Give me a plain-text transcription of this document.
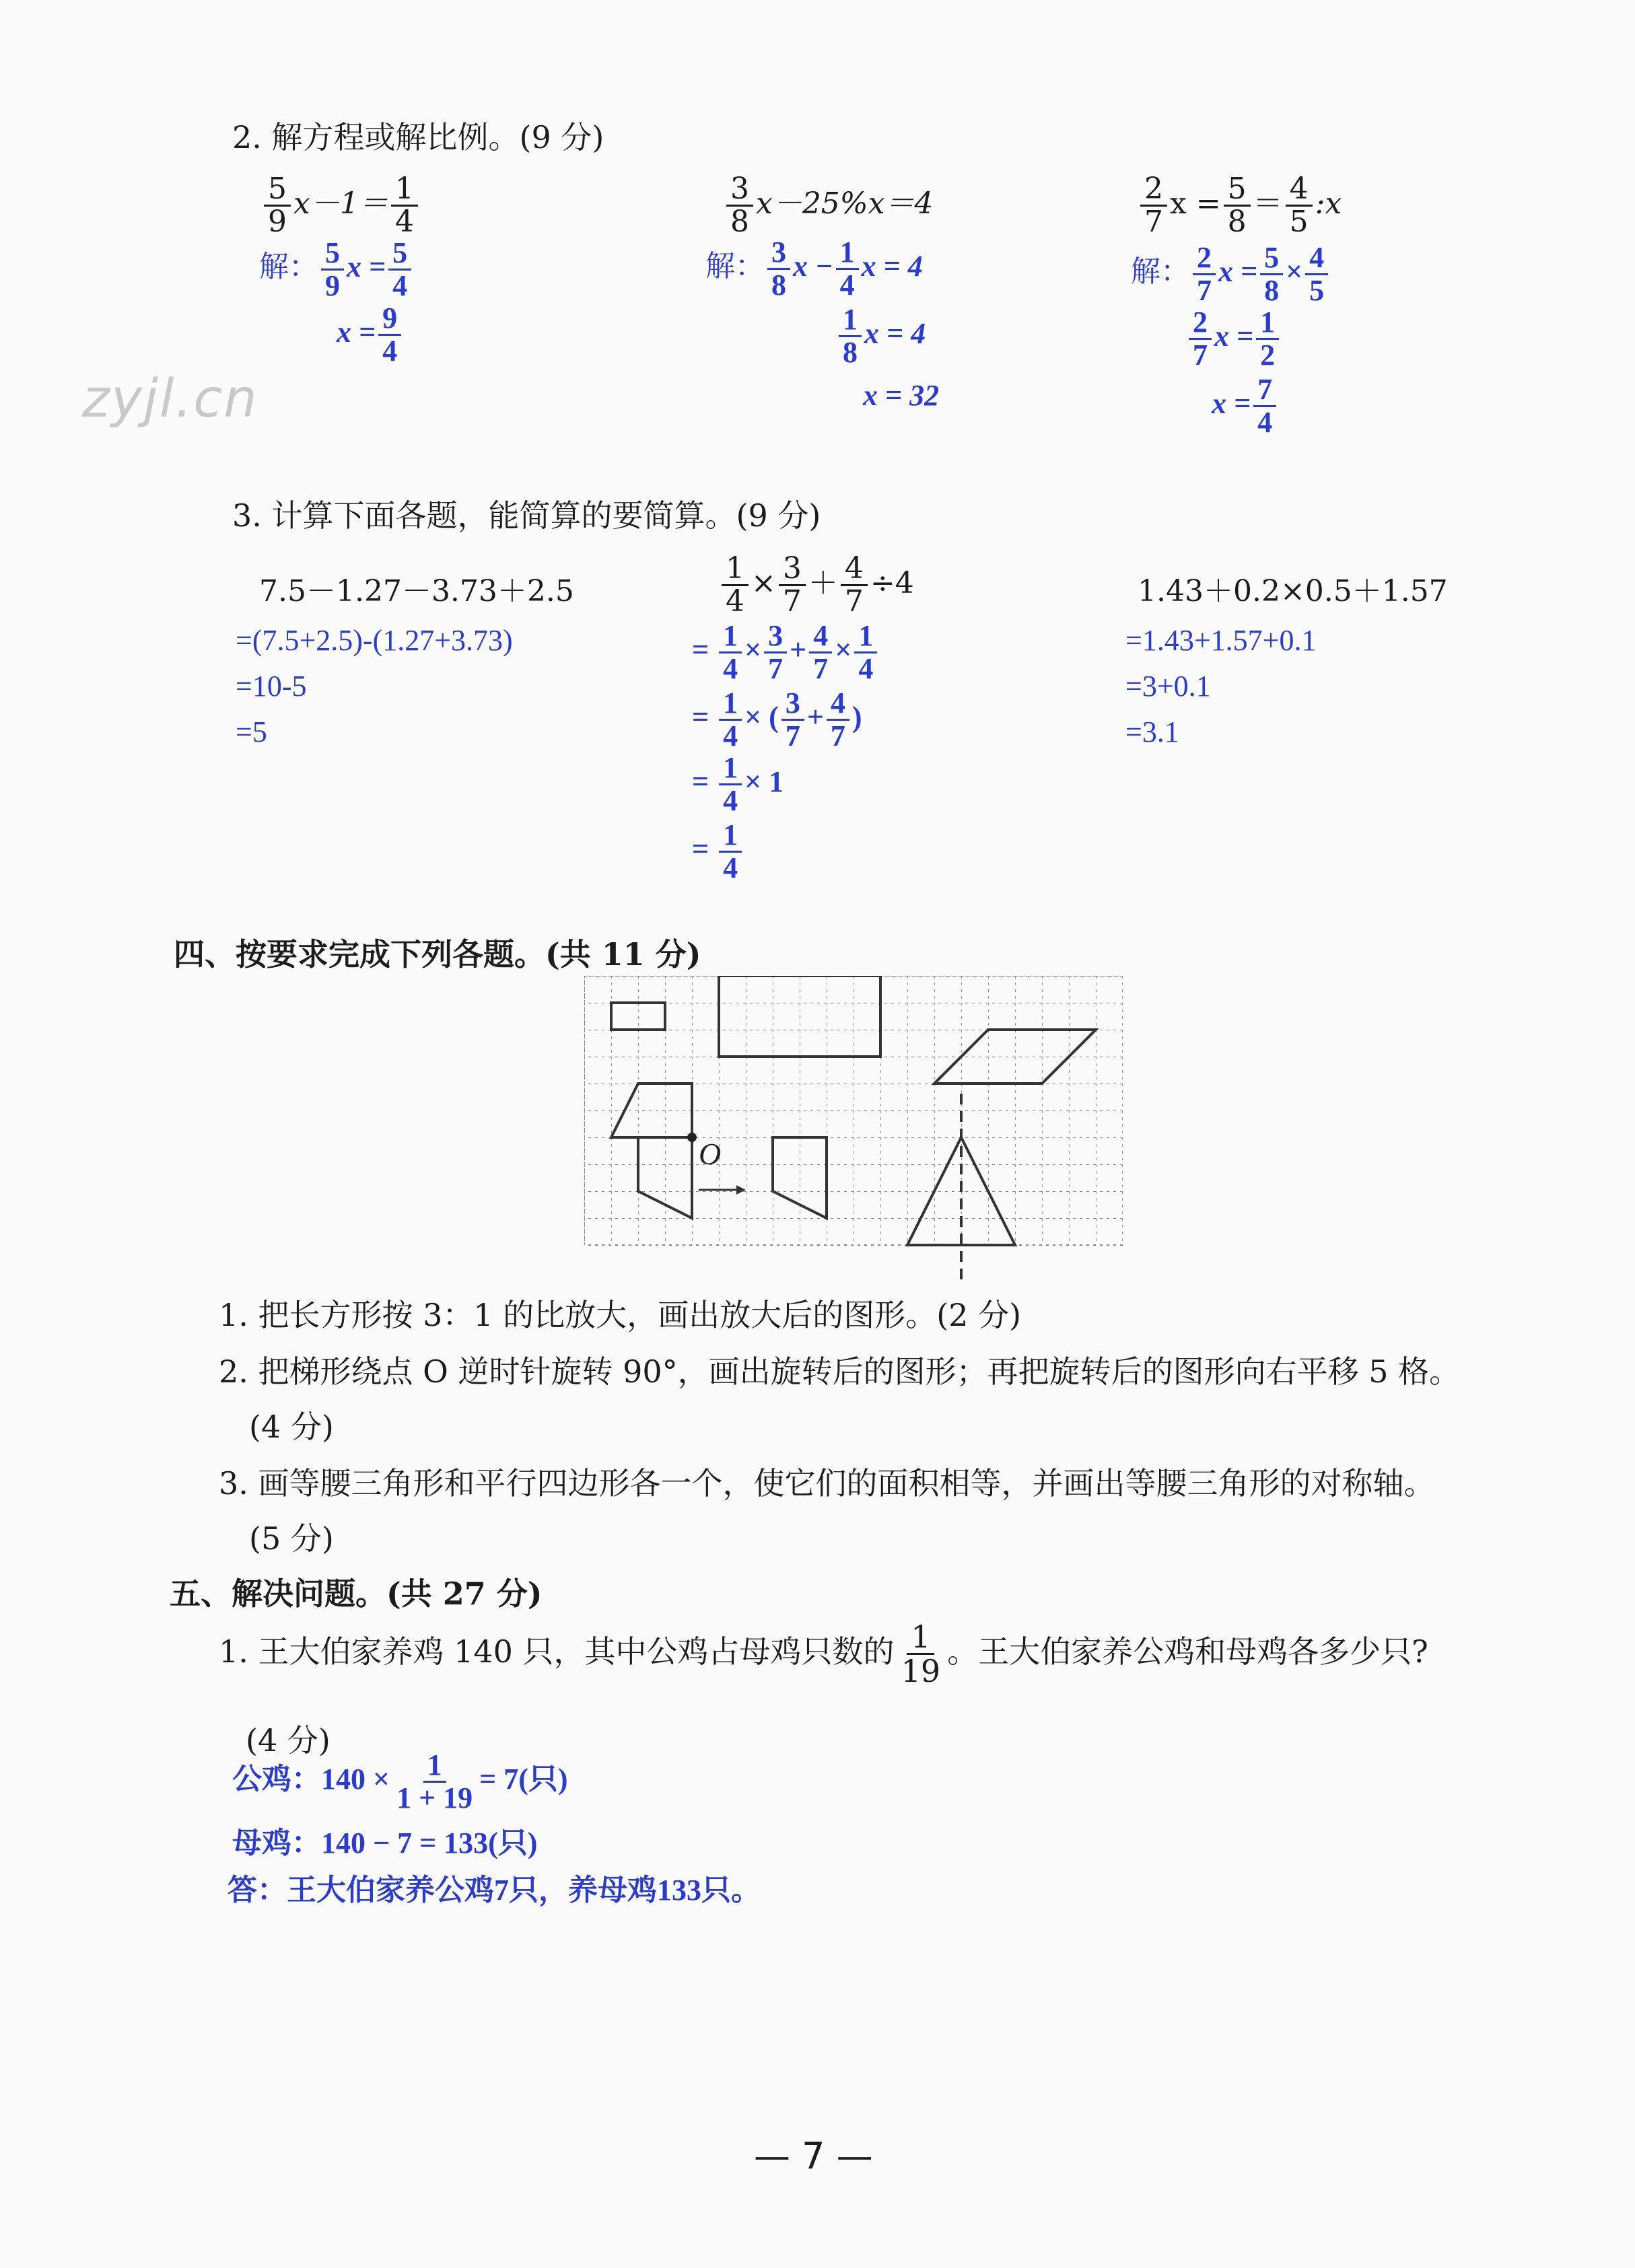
zyjl.cn
2. 解方程或解比例。(9 分)
$\frac{5}{9} x-1= \frac{1}{4}$
解： $\frac{5}{9}$ $x = \frac{5}{4}$
$x = \frac{9}{4}$
$\frac{3}{8} x-25\%x=4$
解： $\frac{3}{8}$ $x - \frac{1}{4}$ x = 4
$\frac{1}{8}$ x = 4
x = 32
$\frac{2}{7}$ $x = \frac{5}{8} = \frac{4}{5}$ :x
解： $\frac{2}{7}$ $x = \frac{5}{8} \times \frac{4}{5}$
$\frac{2}{7}$ $x = \frac{1}{2}$
$x = \frac{7}{4}$
3. 计算下面各题，能简算的要简算。(9 分)
7.5－1.27－3.73＋2.5
=(7.5+2.5)-(1.27+3.73)
=10-5
=5
$\frac{1}{4} \times \frac{3}{7} + \frac{4}{7} \div 4$
= $\frac{1}{4} \times \frac{3}{7} + \frac{4}{7} \times \frac{1}{4}$
= $\frac{1}{4}$ × ( $\frac{3}{7} + \frac{4}{7}$ )
= $\frac{1}{4} \times 1$
= $\frac{1}{4}$
1.43＋0.2×0.5＋1.57
=1.43+1.57+0.1
=3+0.1
=3.1
四、按要求完成下列各题。(共 11 分)
O
1. 把长方形按 3：1 的比放大，画出放大后的图形。(2 分)
2. 把梯形绕点 O 逆时针旋转 90°，画出旋转后的图形；再把旋转后的图形向右平移 5 格。
(4 分)
3. 画等腰三角形和平行四边形各一个，使它们的面积相等，并画出等腰三角形的对称轴。
(5 分)
五、解决问题。(共 27 分)
1. 王大伯家养鸡 140 只，其中公鸡占母鸡只数的 $\frac{1}{19}$ 。王大伯家养公鸡和母鸡各多少只?
(4 分)
公鸡：$140 \times \frac{1}{1 + 19} = 7$(只)
母鸡：140 − 7 = 133(只)
答：王大伯家养公鸡7只，养母鸡133只。
— 7 —
